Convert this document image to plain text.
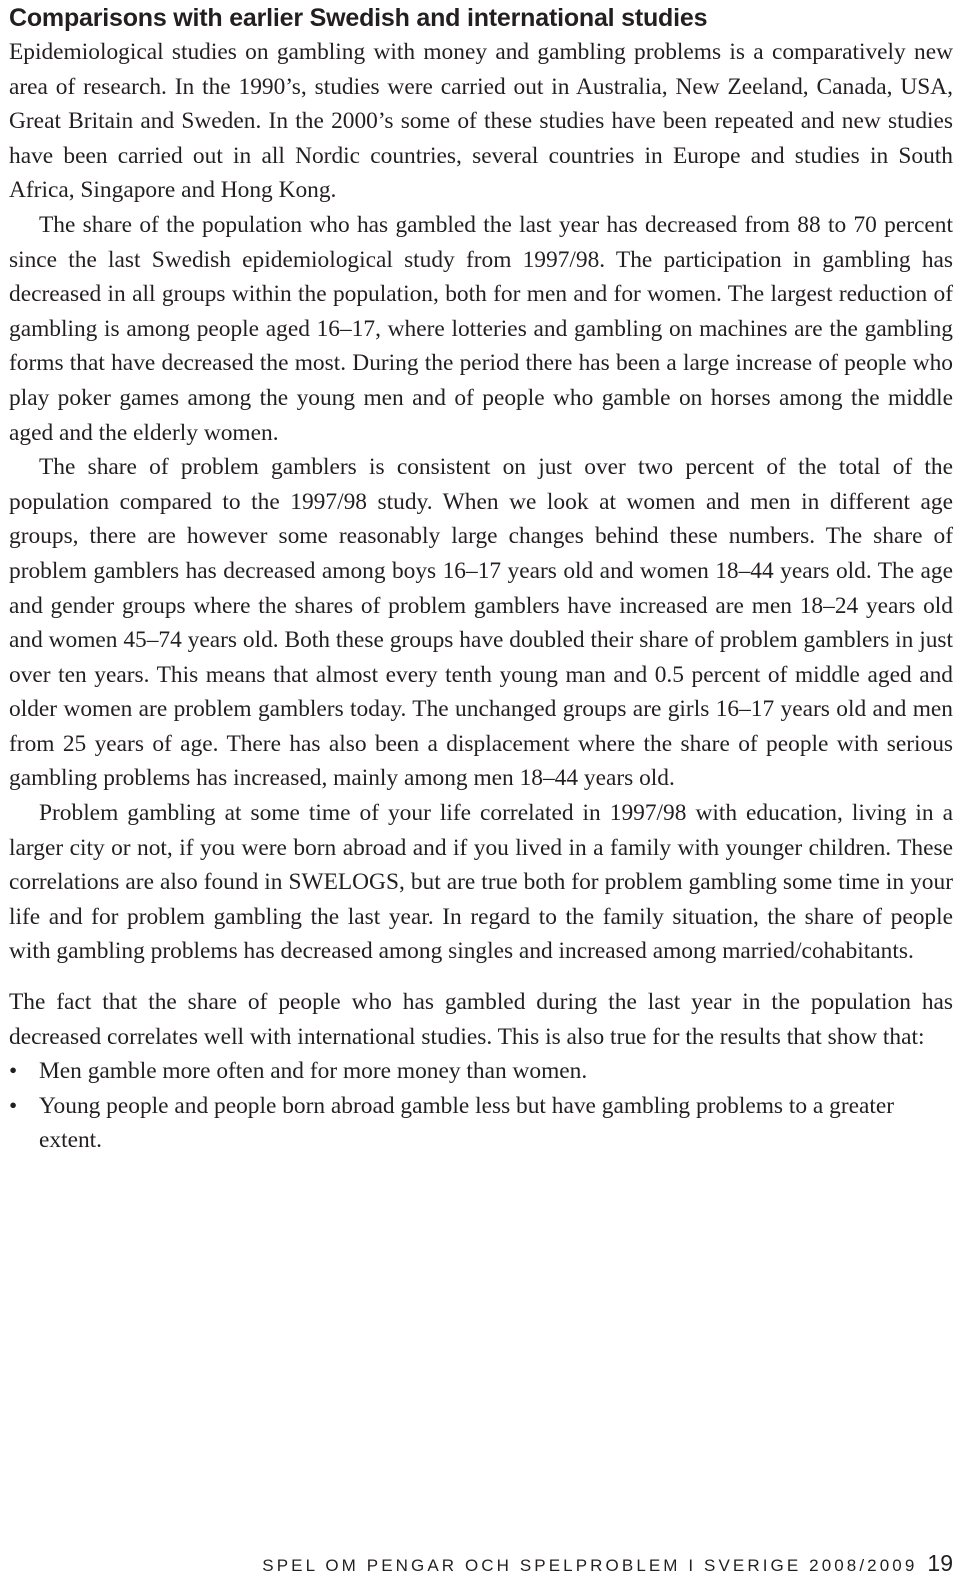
Comparisons with earlier Swedish and international studies

Epidemiological studies on gambling with money and gambling problems is a comparatively new area of research. In the 1990’s, studies were carried out in Australia, New Zeeland, Canada, USA, Great Britain and Sweden. In the 2000’s some of these studies have been repeated and new studies have been carried out in all Nordic countries, several countries in Europe and studies in South Africa, Singapore and Hong Kong.

The share of the population who has gambled the last year has decreased from 88 to 70 percent since the last Swedish epidemiological study from 1997/98. The participation in gambling has decreased in all groups within the population, both for men and for women. The largest reduction of gambling is among people aged 16–17, where lotteries and gambling on machines are the gambling forms that have decreased the most. During the period there has been a large increase of people who play poker games among the young men and of people who gamble on horses among the middle aged and the elderly women.

The share of problem gamblers is consistent on just over two percent of the total of the population compared to the 1997/98 study. When we look at women and men in different age groups, there are however some reasonably large changes behind these numbers. The share of problem gamblers has decreased among boys 16–17 years old and women 18–44 years old. The age and gender groups where the shares of problem gamblers have increased are men 18–24 years old and women 45–74 years old. Both these groups have doubled their share of problem gamblers in just over ten years. This means that almost every tenth young man and 0.5 percent of middle aged and older women are problem gamblers today. The unchanged groups are girls 16–17 years old and men from 25 years of age. There has also been a displacement where the share of people with serious gambling problems has increased, mainly among men 18–44 years old.

Problem gambling at some time of your life correlated in 1997/98 with education, living in a larger city or not, if you were born abroad and if you lived in a family with younger children. These correlations are also found in SWELOGS, but are true both for problem gambling some time in your life and for problem gambling the last year. In regard to the family situation, the share of people with gambling problems has decreased among singles and increased among married/cohabitants.

The fact that the share of people who has gambled during the last year in the population has decreased correlates well with international studies. This is also true for the results that show that:

• Men gamble more often and for more money than women.
• Young people and people born abroad gamble less but have gambling problems to a greater extent.
SPEL OM PENGAR OCH SPELPROBLEM I SVERIGE 2008/2009 19
